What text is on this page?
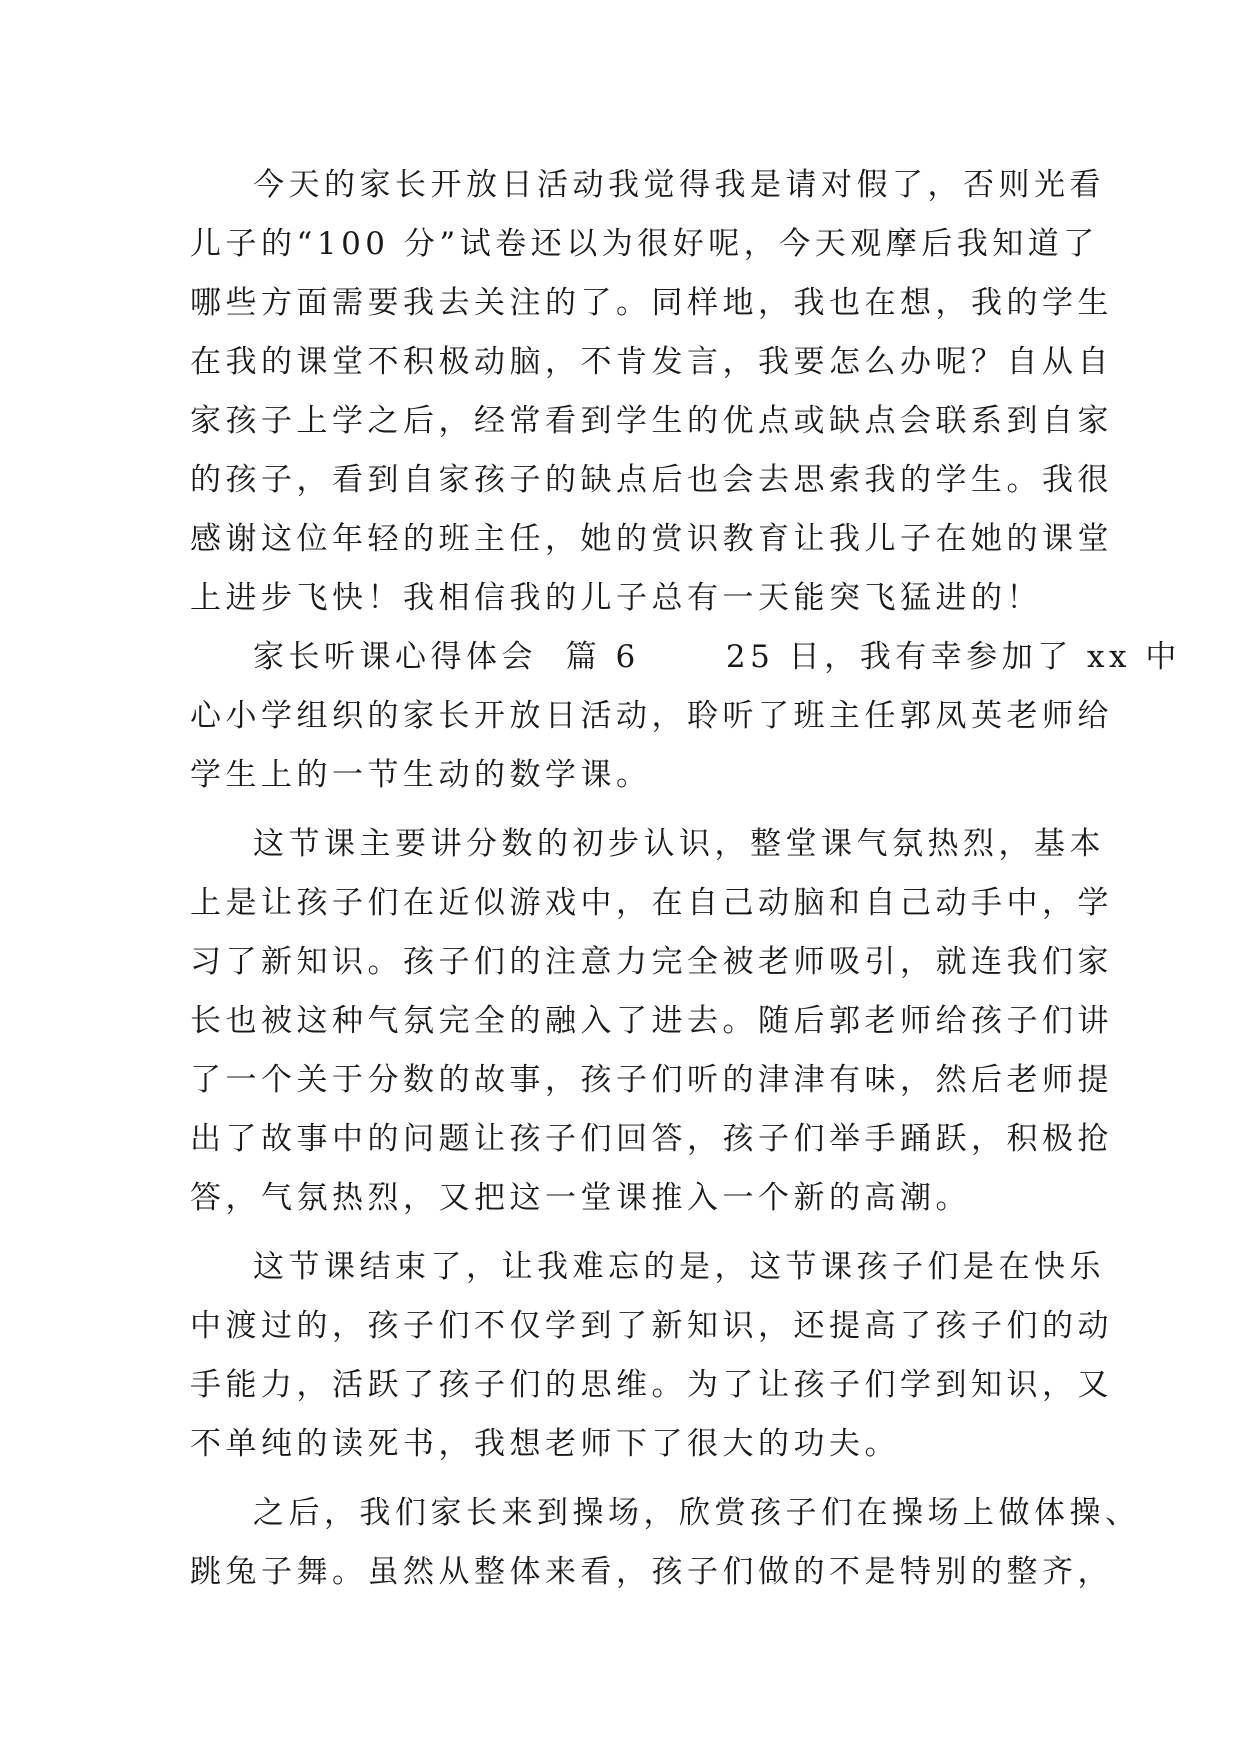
今天的家长开放日活动我觉得我是请对假了，否则光看
儿子的“100 分”试卷还以为很好呢，今天观摩后我知道了
哪些方面需要我去关注的了。同样地，我也在想，我的学生
在我的课堂不积极动脑，不肯发言，我要怎么办呢？自从自
家孩子上学之后，经常看到学生的优点或缺点会联系到自家
的孩子，看到自家孩子的缺点后也会去思索我的学生。我很
感谢这位年轻的班主任，她的赏识教育让我儿子在她的课堂
上进步飞快！我相信我的儿子总有一天能突飞猛进的！
家长听课心得体会  篇 6      25 日，我有幸参加了 xx 中
心小学组织的家长开放日活动，聆听了班主任郭凤英老师给
学生上的一节生动的数学课。
这节课主要讲分数的初步认识，整堂课气氛热烈，基本
上是让孩子们在近似游戏中，在自己动脑和自己动手中，学
习了新知识。孩子们的注意力完全被老师吸引，就连我们家
长也被这种气氛完全的融入了进去。随后郭老师给孩子们讲
了一个关于分数的故事，孩子们听的津津有味，然后老师提
出了故事中的问题让孩子们回答，孩子们举手踊跃，积极抢
答，气氛热烈，又把这一堂课推入一个新的高潮。
这节课结束了，让我难忘的是，这节课孩子们是在快乐
中渡过的，孩子们不仅学到了新知识，还提高了孩子们的动
手能力，活跃了孩子们的思维。为了让孩子们学到知识，又
不单纯的读死书，我想老师下了很大的功夫。
之后，我们家长来到操场，欣赏孩子们在操场上做体操、
跳兔子舞。虽然从整体来看，孩子们做的不是特别的整齐，
